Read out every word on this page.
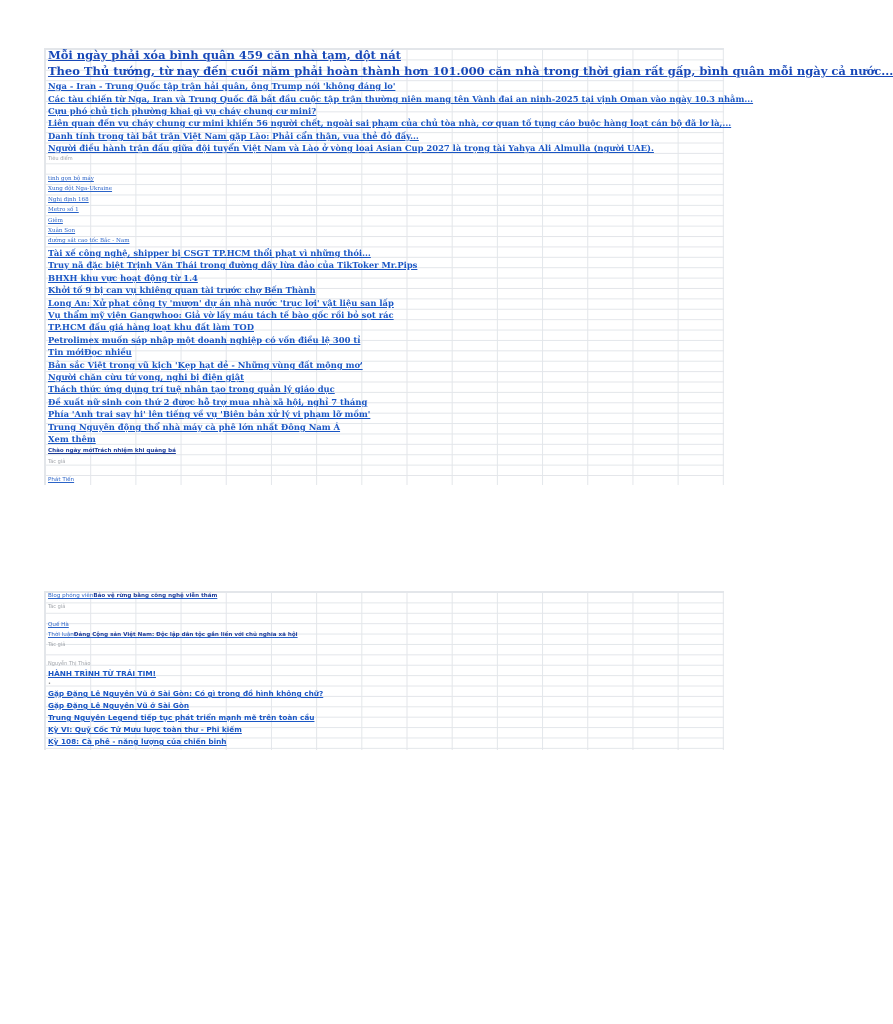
Mỗi ngày phải xóa bình quân 459 căn nhà tạm, dột nát
Theo Thủ tướng, từ nay đến cuối năm phải hoàn thành hơn 101.000 căn nhà trong thời gian rất gấp, bình quân mỗi ngày cả nước...
Nga - Iran - Trung Quốc tập trận hải quân, ông Trump nói 'không đáng lo'
Các tàu chiến từ Nga, Iran và Trung Quốc đã bắt đầu cuộc tập trận thường niên mang tên Vành đai an ninh-2025 tại vịnh Oman vào ngày 10.3 nhằm...
Cựu phó chủ tịch phường khai gì vụ cháy chung cư mini?
Liên quan đến vụ cháy chung cư mini khiến 56 người chết, ngoài sai phạm của chủ tòa nhà, cơ quan tố tụng cáo buộc hàng loạt cán bộ đã lơ là,...
Danh tính trọng tài bắt trận Việt Nam gặp Lào: Phải cẩn thận, vua thẻ đỏ đấy...
Người điều hành trận đấu giữa đội tuyển Việt Nam và Lào ở vòng loại Asian Cup 2027 là trọng tài Yahya Ali Almulla (người UAE).
Tiêu điểm
tinh gọn bộ máy
Xung đột Nga-Ukraine
Nghị định 168
Metro số 1
Giêm
Xuân Son
đường sắt cao tốc Bắc - Nam
Tài xế công nghệ, shipper bị CSGT TP.HCM thổi phạt vì những thói...
Truy nã đặc biệt Trịnh Văn Thái trong đường dây lừa đảo của TikToker Mr.Pips
BHXH khu vực hoạt động từ 1.4
Khởi tố 9 bị can vụ khiêng quan tài trước chợ Bến Thành
Long An: Xử phạt công ty 'mượn' dự án nhà nước 'trục lợi' vật liệu san lấp
Vụ thẩm mỹ viện Gangwhoo: Giả vờ lấy máu tách tế bào gốc rồi bỏ sọt rác
TP.HCM đấu giá hàng loạt khu đất làm TOD
Petrolimex muốn sáp nhập một doanh nghiệp có vốn điều lệ 300 tỉ
Tin mớiĐọc nhiều
Bản sắc Việt trong vũ kịch 'Kẹp hạt dẻ - Những vùng đất mộng mơ'
Người chăn cừu tứ vong, nghi bị điện giật
Thách thức ứng dụng trí tuệ nhân tạo trong quản lý giáo dục
Đề xuất nữ sinh con thứ 2 được hỗ trợ mua nhà xã hội, nghỉ 7 tháng
Phía 'Anh trai say hi' lên tiếng về vụ 'Biên bản xử lý vi phạm lỡ mồm'
Trung Nguyên động thổ nhà máy cà phê lớn nhất Đông Nam Á
Xem thêm
Chào ngày mớiTrách nhiệm khi quảng bá
Tác giả
Phát Tiến
Blog phóng viênBảo vệ rừng bằng công nghệ viễn thám
Tác giả
Quế Hà
Thời luậnĐảng Cộng sản Việt Nam: Độc lập dân tộc gắn liền với chủ nghĩa xã hội
Tác giả
Nguyễn Thị Thảo
HÀNH TRÌNH TỪ TRÁI TIM!
•
Gặp Đặng Lê Nguyên Vũ ở Sài Gòn: Có gì trong đồ hình không chữ?
Gặp Đặng Lê Nguyên Vũ ở Sài Gòn
Trung Nguyên Legend tiếp tục phát triển mạnh mẽ trên toàn cầu
Kỳ VI: Quỷ Cốc Tử Mưu lược toàn thư - Phi kiếm
Kỳ 108: Cà phê - năng lượng của chiến binh
